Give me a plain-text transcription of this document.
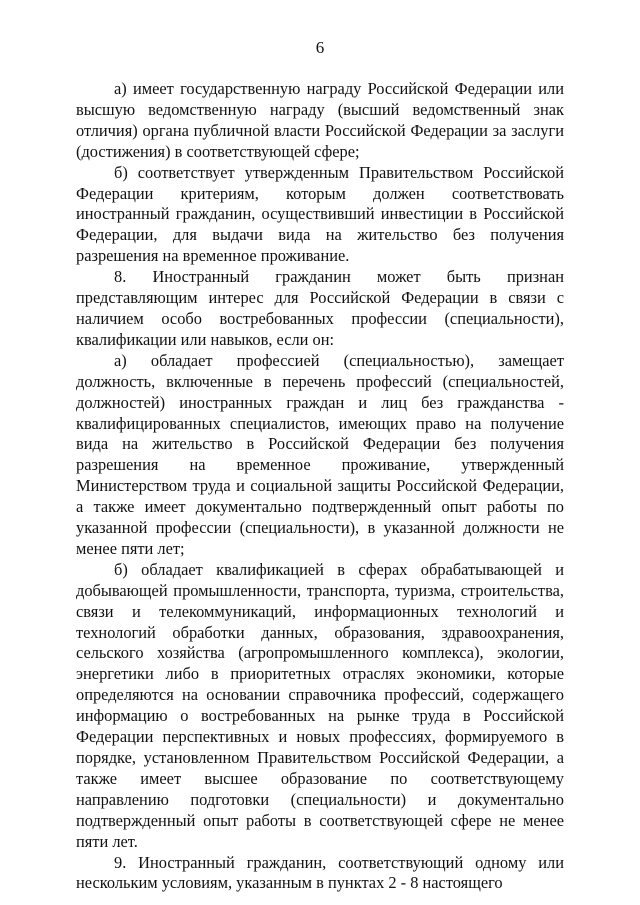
6

а) имеет государственную награду Российской Федерации или высшую ведомственную награду (высший ведомственный знак отличия) органа публичной власти Российской Федерации за заслуги (достижения) в соответствующей сфере;

б) соответствует утвержденным Правительством Российской Федерации критериям, которым должен соответствовать иностранный гражданин, осуществивший инвестиции в Российской Федерации, для выдачи вида на жительство без получения разрешения на временное проживание.

8. Иностранный гражданин может быть признан представляющим интерес для Российской Федерации в связи с наличием особо востребованных профессии (специальности), квалификации или навыков, если он:

а) обладает профессией (специальностью), замещает должность, включенные в перечень профессий (специальностей, должностей) иностранных граждан и лиц без гражданства - квалифицированных специалистов, имеющих право на получение вида на жительство в Российской Федерации без получения разрешения на временное проживание, утвержденный Министерством труда и социальной защиты Российской Федерации, а также имеет документально подтвержденный опыт работы по указанной профессии (специальности), в указанной должности не менее пяти лет;

б) обладает квалификацией в сферах обрабатывающей и добывающей промышленности, транспорта, туризма, строительства, связи и телекоммуникаций, информационных технологий и технологий обработки данных, образования, здравоохранения, сельского хозяйства (агропромышленного комплекса), экологии, энергетики либо в приоритетных отраслях экономики, которые определяются на основании справочника профессий, содержащего информацию о востребованных на рынке труда в Российской Федерации перспективных и новых профессиях, формируемого в порядке, установленном Правительством Российской Федерации, а также имеет высшее образование по соответствующему направлению подготовки (специальности) и документально подтвержденный опыт работы в соответствующей сфере не менее пяти лет.

9. Иностранный гражданин, соответствующий одному или нескольким условиям, указанным в пунктах 2 - 8 настоящего
